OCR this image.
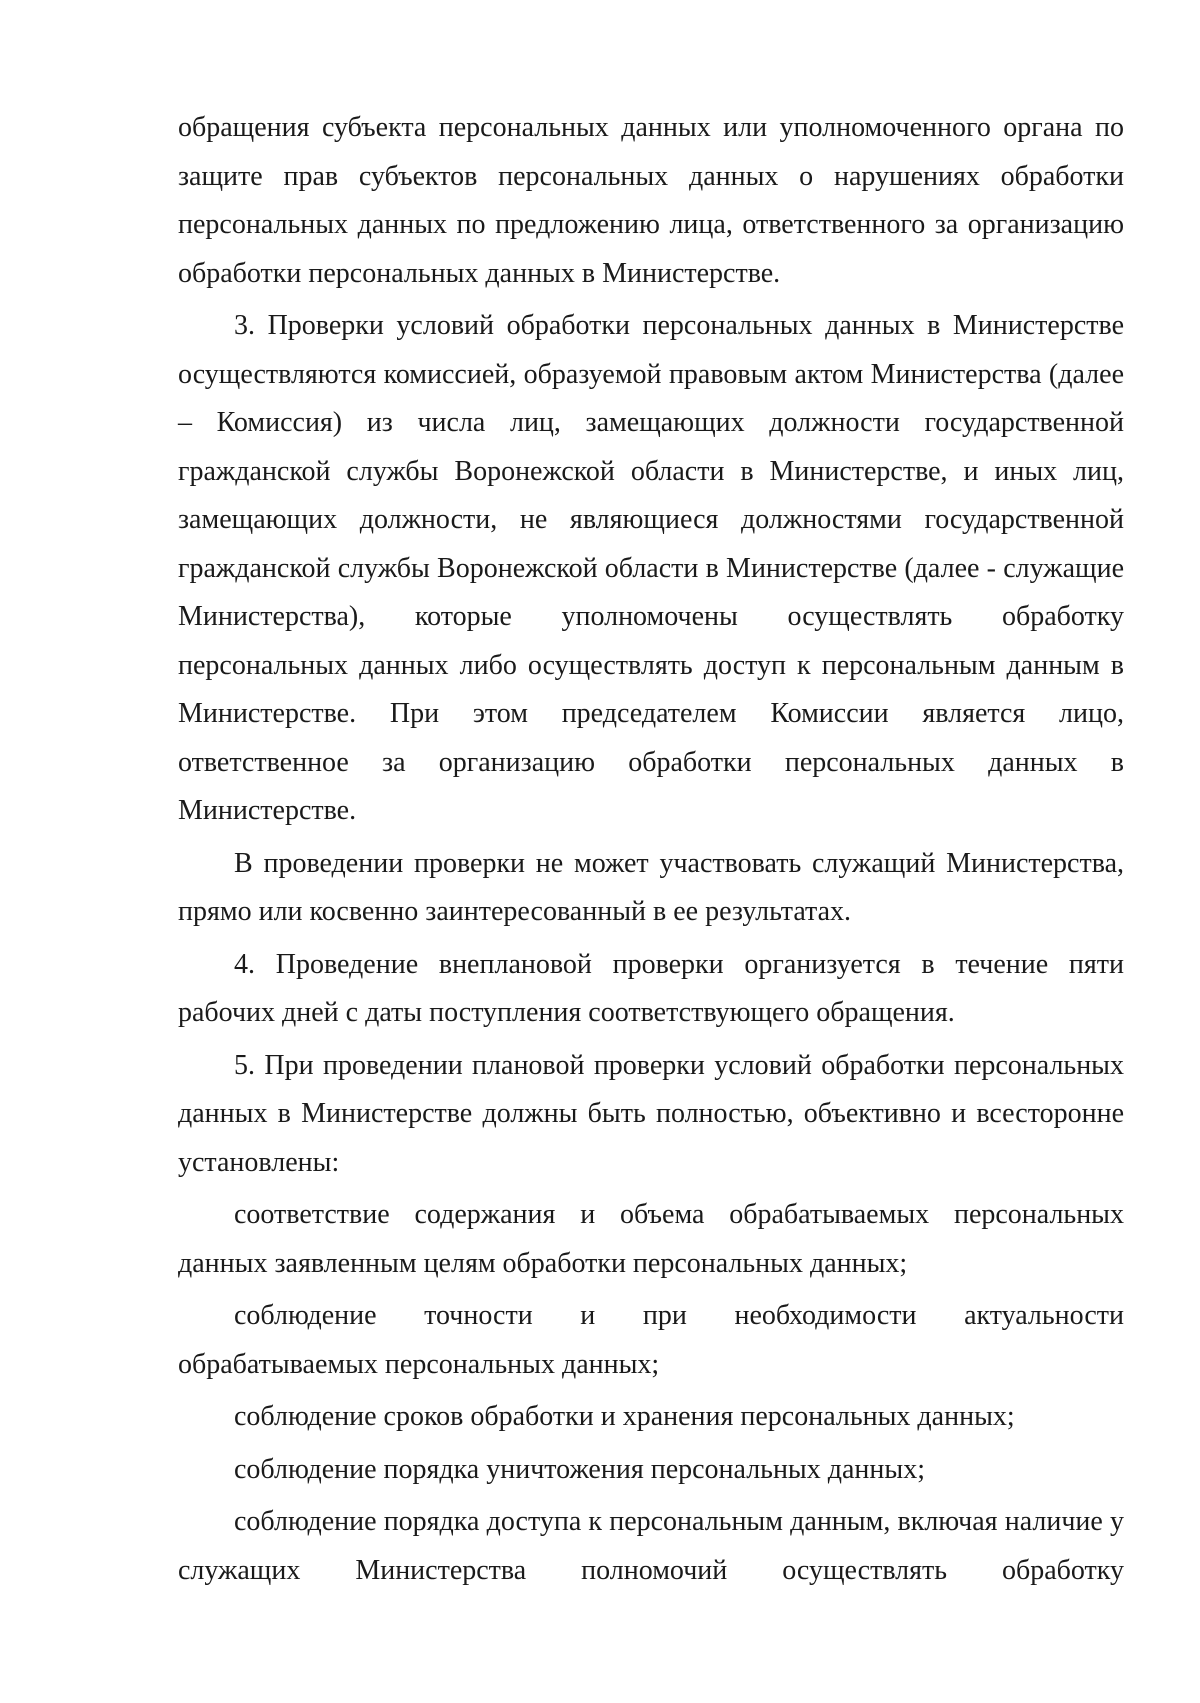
обращения субъекта персональных данных или уполномоченного органа по защите прав субъектов персональных данных о нарушениях обработки персональных данных по предложению лица, ответственного за организацию обработки персональных данных в Министерстве.

3. Проверки условий обработки персональных данных в Министерстве осуществляются комиссией, образуемой правовым актом Министерства (далее – Комиссия) из числа лиц, замещающих должности государственной гражданской службы Воронежской области в Министерстве, и иных лиц, замещающих должности, не являющиеся должностями государственной гражданской службы Воронежской области в Министерстве (далее - служащие Министерства), которые уполномочены осуществлять обработку персональных данных либо осуществлять доступ к персональным данным в Министерстве. При этом председателем Комиссии является лицо, ответственное за организацию обработки персональных данных в Министерстве.

В проведении проверки не может участвовать служащий Министерства, прямо или косвенно заинтересованный в ее результатах.

4. Проведение внеплановой проверки организуется в течение пяти рабочих дней с даты поступления соответствующего обращения.

5. При проведении плановой проверки условий обработки персональных данных в Министерстве должны быть полностью, объективно и всесторонне установлены:

соответствие содержания и объема обрабатываемых персональных данных заявленным целям обработки персональных данных;

соблюдение точности и при необходимости актуальности обрабатываемых персональных данных;

соблюдение сроков обработки и хранения персональных данных;

соблюдение порядка уничтожения персональных данных;

соблюдение порядка доступа к персональным данным, включая наличие у служащих Министерства полномочий осуществлять обработку
